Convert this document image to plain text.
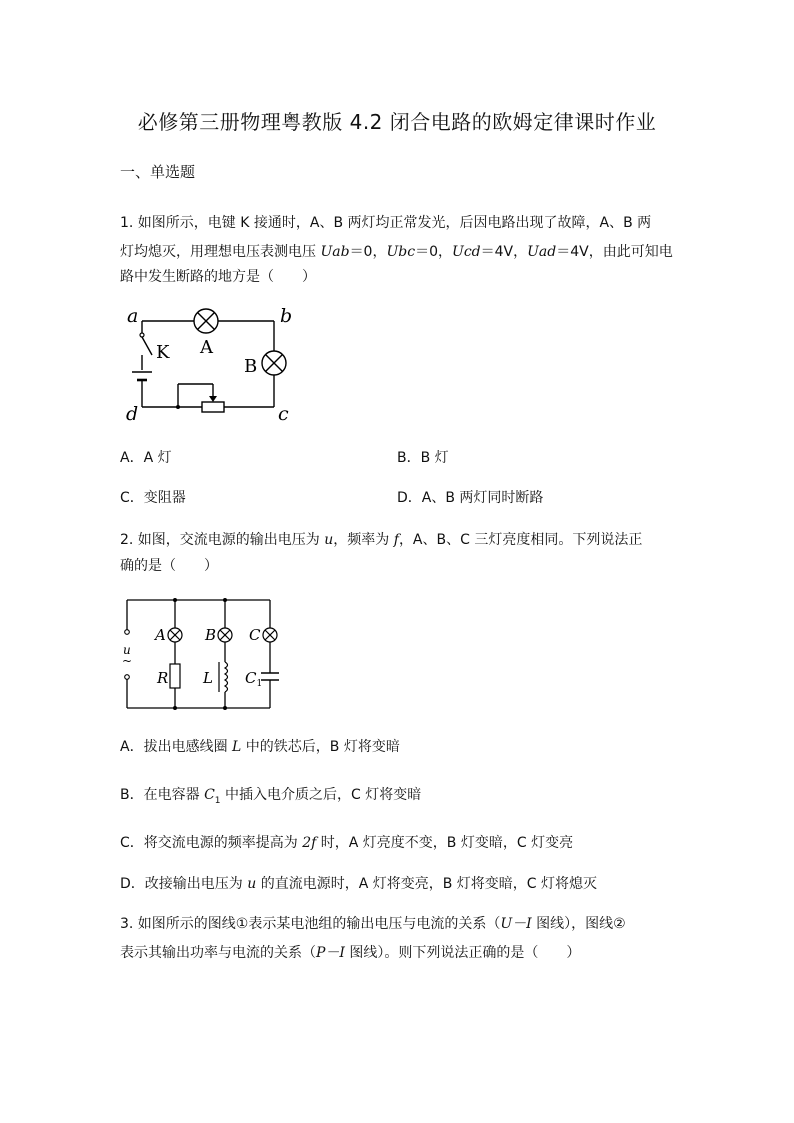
必修第三册物理粤教版 4.2 闭合电路的欧姆定律课时作业
一、单选题
1. 如图所示，电键 K 接通时，A、B 两灯均正常发光，后因电路出现了故障，A、B 两
灯均熄灭，用理想电压表测电压 Uab＝0，Ubc＝0，Ucd＝4V，Uad＝4V，由此可知电
路中发生断路的地方是（　　）
a	b
c
d
K A
B
A．A 灯	B．B 灯
C．变阻器	D．A、B 两灯同时断路
2. 如图，交流电源的输出电压为 u，频率为 f，A、B、C 三灯亮度相同。下列说法正
确的是（　　）
u
~
A
R
B
L
C
$C_1$
A．拔出电感线圈 L 中的铁芯后，B 灯将变暗
B．在电容器 $C_1$ 中插入电介质之后，C 灯将变暗
C．将交流电源的频率提高为 2f 时，A 灯亮度不变，B 灯变暗，C 灯变亮
D．改接输出电压为 u 的直流电源时，A 灯将变亮，B 灯将变暗，C 灯将熄灭
3. 如图所示的图线①表示某电池组的输出电压与电流的关系（U－I 图线），图线②
表示其输出功率与电流的关系（P－I 图线）。则下列说法正确的是（　　）
